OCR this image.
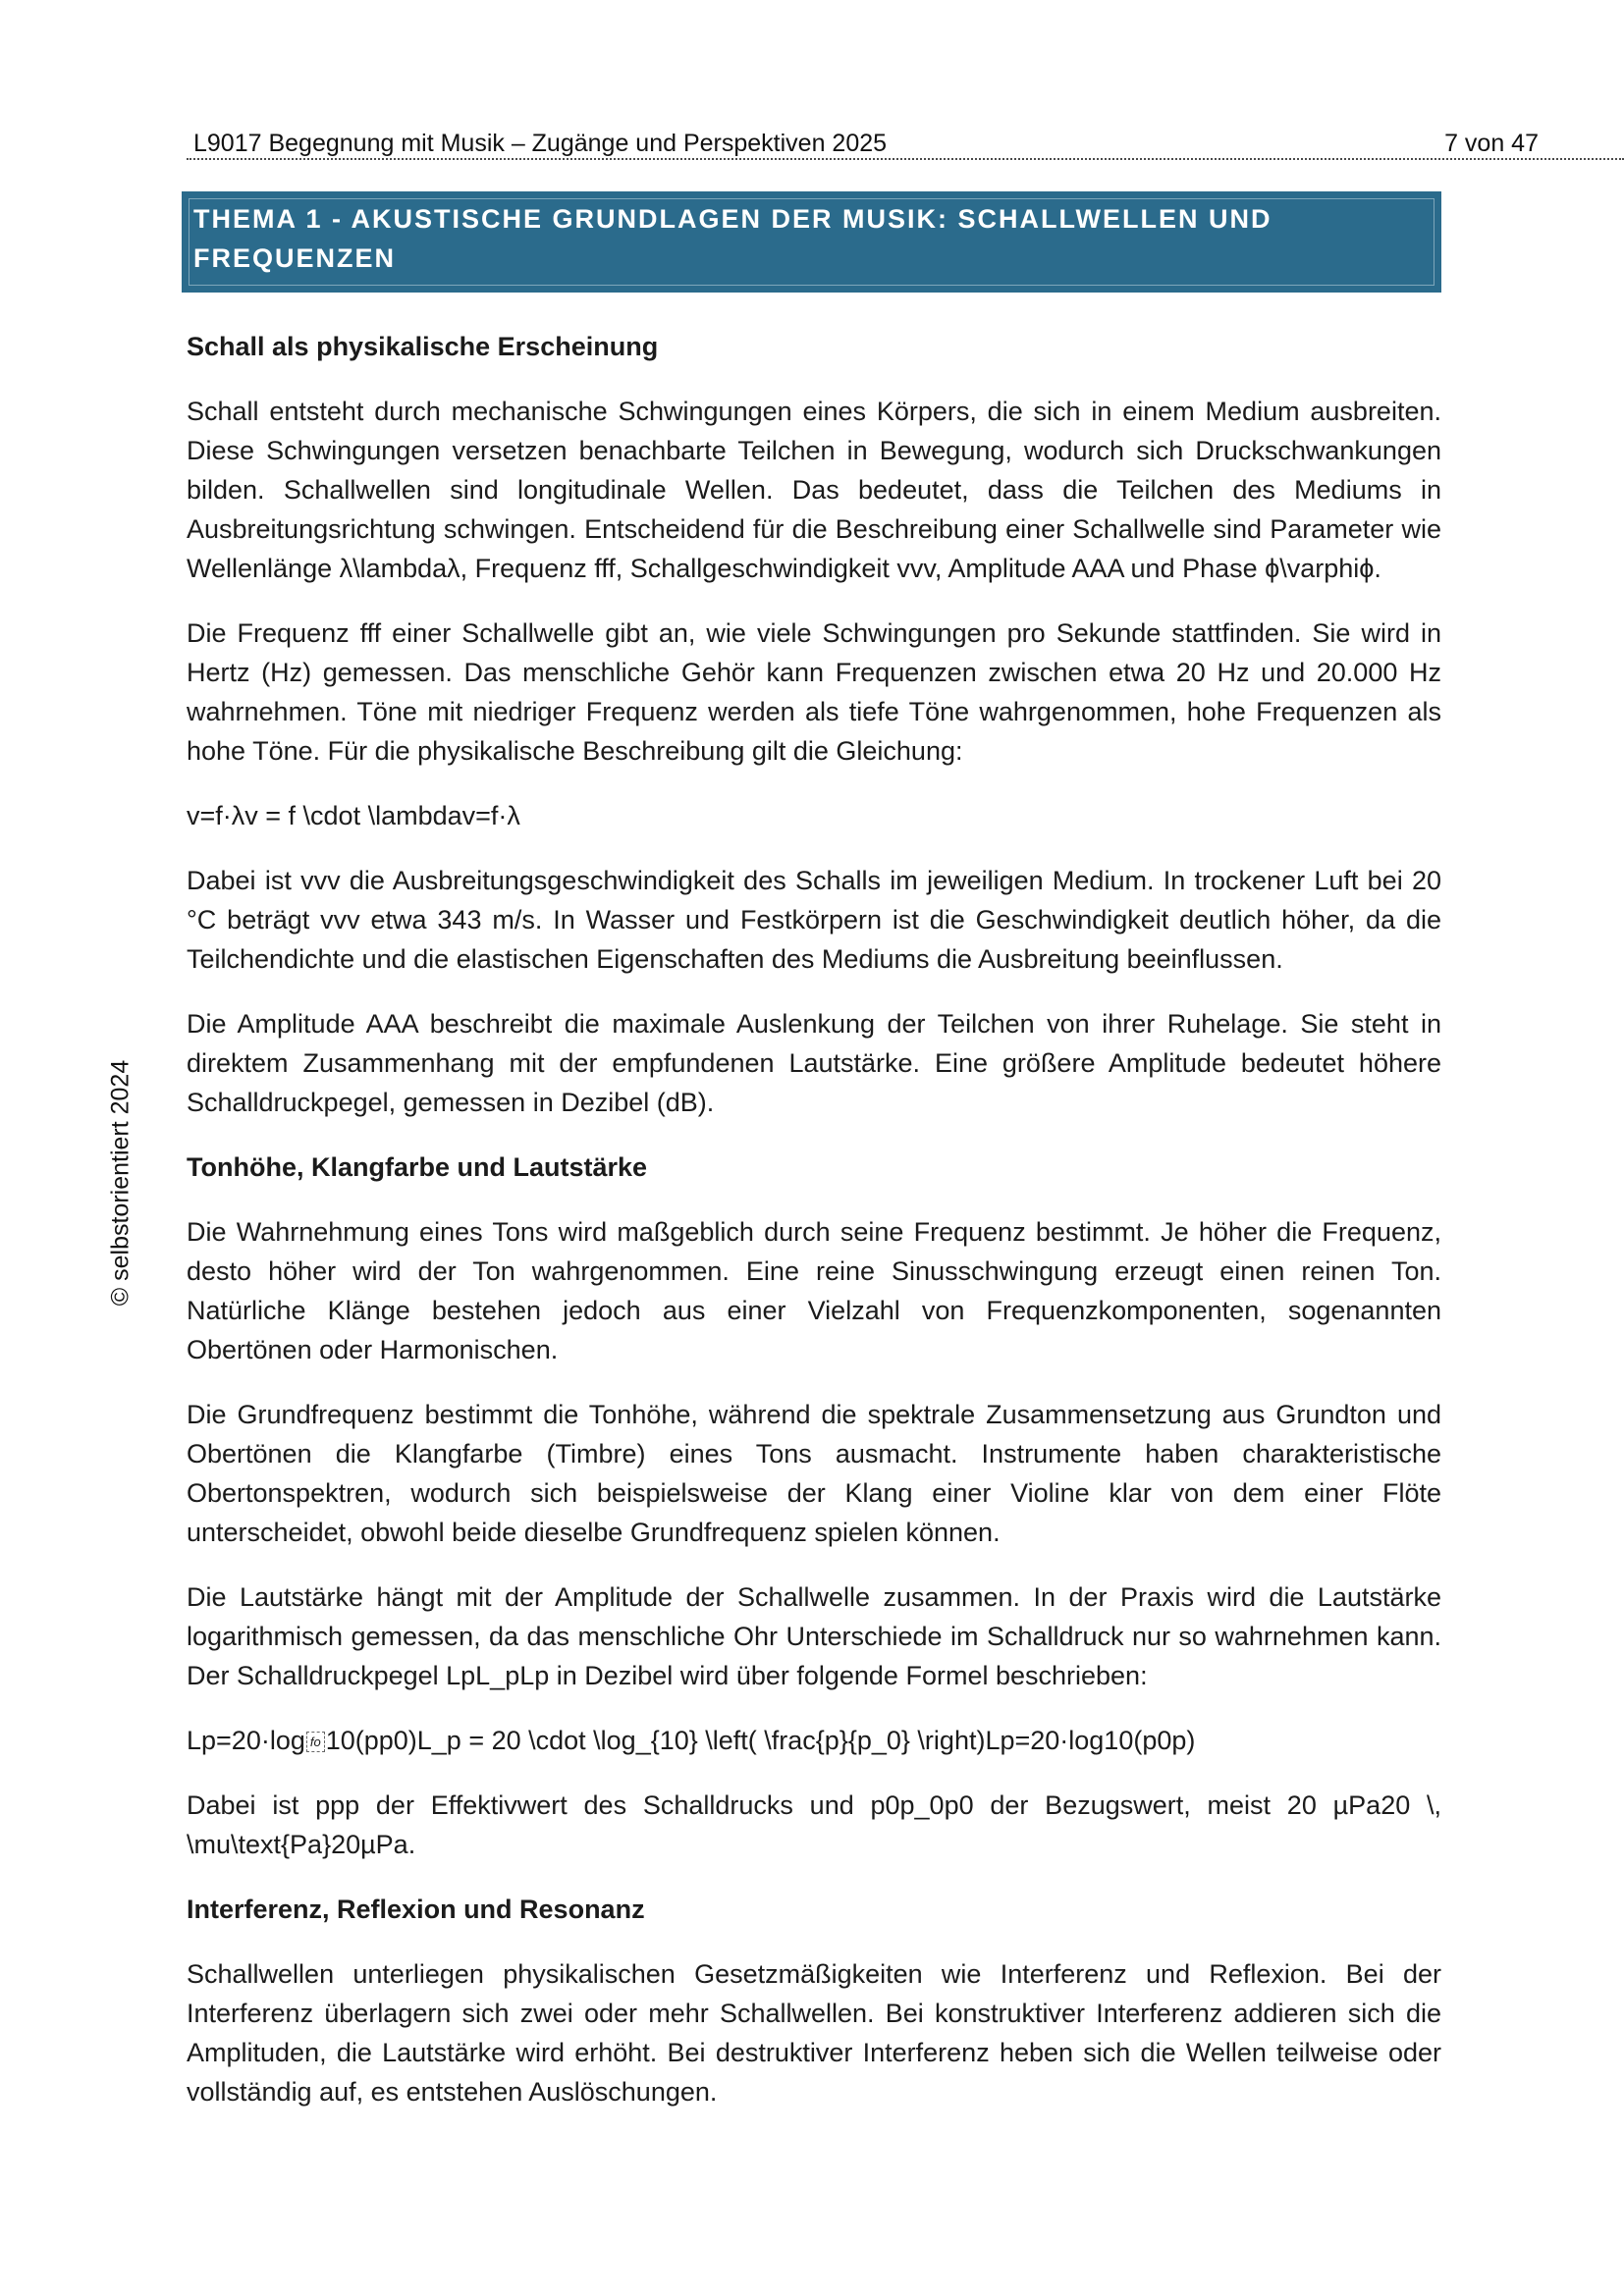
L9017 Begegnung mit Musik – Zugänge und Perspektiven 2025	7 von 47
THEMA 1 - AKUSTISCHE GRUNDLAGEN DER MUSIK: SCHALLWELLEN UND FREQUENZEN
© selbstorientiert 2024
Schall als physikalische Erscheinung

Schall entsteht durch mechanische Schwingungen eines Körpers, die sich in einem Medium ausbreiten. Diese Schwingungen versetzen benachbarte Teilchen in Bewegung, wodurch sich Druckschwankungen bilden. Schallwellen sind longitudinale Wellen. Das bedeutet, dass die Teilchen des Mediums in Ausbreitungsrichtung schwingen. Entscheidend für die Beschreibung einer Schallwelle sind Parameter wie Wellenlänge λ\lambdaλ, Frequenz fff, Schallgeschwindigkeit vvv, Amplitude AAA und Phase ϕ\varphiϕ.

Die Frequenz fff einer Schallwelle gibt an, wie viele Schwingungen pro Sekunde stattfinden. Sie wird in Hertz (Hz) gemessen. Das menschliche Gehör kann Frequenzen zwischen etwa 20 Hz und 20.000 Hz wahrnehmen. Töne mit niedriger Frequenz werden als tiefe Töne wahrgenommen, hohe Frequenzen als hohe Töne. Für die physikalische Beschreibung gilt die Gleichung:

v=f·λv = f \cdot \lambdav=f·λ

Dabei ist vvv die Ausbreitungsgeschwindigkeit des Schalls im jeweiligen Medium. In trockener Luft bei 20 °C beträgt vvv etwa 343 m/s. In Wasser und Festkörpern ist die Geschwindigkeit deutlich höher, da die Teilchendichte und die elastischen Eigenschaften des Mediums die Ausbreitung beeinflussen.

Die Amplitude AAA beschreibt die maximale Auslenkung der Teilchen von ihrer Ruhelage. Sie steht in direktem Zusammenhang mit der empfundenen Lautstärke. Eine größere Amplitude bedeutet höhere Schalldruckpegel, gemessen in Dezibel (dB).

Tonhöhe, Klangfarbe und Lautstärke

Die Wahrnehmung eines Tons wird maßgeblich durch seine Frequenz bestimmt. Je höher die Frequenz, desto höher wird der Ton wahrgenommen. Eine reine Sinusschwingung erzeugt einen reinen Ton. Natürliche Klänge bestehen jedoch aus einer Vielzahl von Frequenzkomponenten, sogenannten Obertönen oder Harmonischen.

Die Grundfrequenz bestimmt die Tonhöhe, während die spektrale Zusammensetzung aus Grundton und Obertönen die Klangfarbe (Timbre) eines Tons ausmacht. Instrumente haben charakteristische Obertonspektren, wodurch sich beispielsweise der Klang einer Violine klar von dem einer Flöte unterscheidet, obwohl beide dieselbe Grundfrequenz spielen können.

Die Lautstärke hängt mit der Amplitude der Schallwelle zusammen. In der Praxis wird die Lautstärke logarithmisch gemessen, da das menschliche Ohr Unterschiede im Schalldruck nur so wahrnehmen kann. Der Schalldruckpegel LpL_pLp in Dezibel wird über folgende Formel beschrieben:

Lp=20·log fo 10(pp0)L_p = 20 \cdot \log_{10} \left( \frac{p}{p_0} \right)Lp=20·log10(p0p)

Dabei ist ppp der Effektivwert des Schalldrucks und p0p_0p0 der Bezugswert, meist 20 µPa20 \, \mu\text{Pa}20µPa.

Interferenz, Reflexion und Resonanz

Schallwellen unterliegen physikalischen Gesetzmäßigkeiten wie Interferenz und Reflexion. Bei der Interferenz überlagern sich zwei oder mehr Schallwellen. Bei konstruktiver Interferenz addieren sich die Amplituden, die Lautstärke wird erhöht. Bei destruktiver Interferenz heben sich die Wellen teilweise oder vollständig auf, es entstehen Auslöschungen.
